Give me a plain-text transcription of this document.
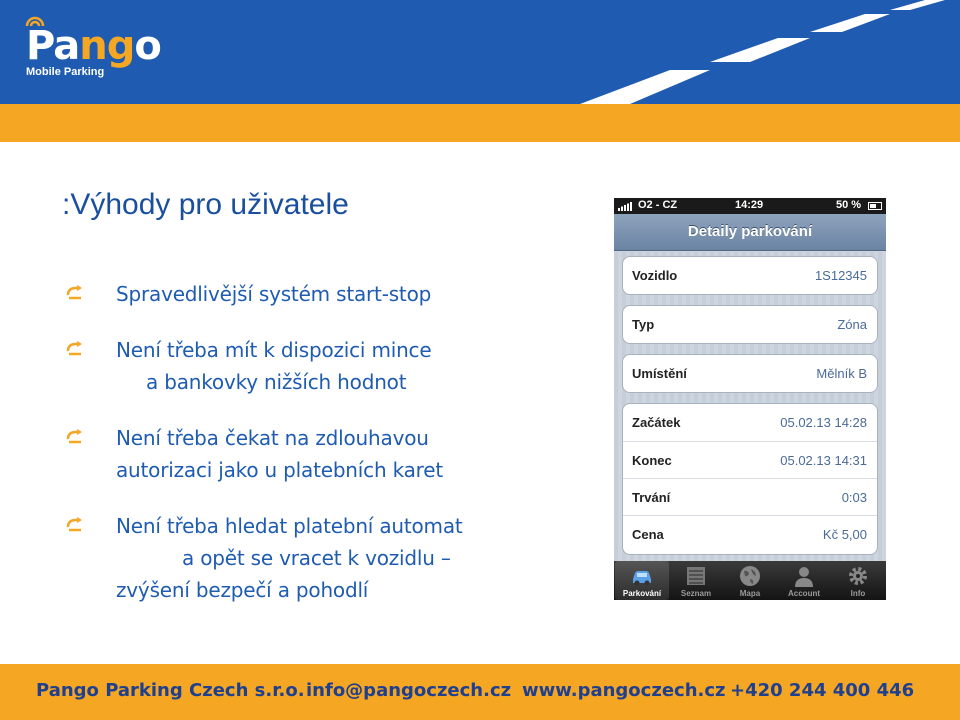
Pango
Mobile Parking
:Výhody pro uživatele
Spravedlivější systém start-stop
Není třeba mít k dispozici mince
a bankovky nižších hodnot
Není třeba čekat na zdlouhavou
autorizaci jako u platebních karet
Není třeba hledat platební automat
a opět se vracet k vozidlu –
zvýšení bezpečí a pohodlí
O2 - CZ	14:29	50 %
Detaily parkování
Vozidlo	1S12345
Typ	Zóna
Umístění	Mělník B
Začátek	05.02.13 14:28
Konec	05.02.13 14:31
Trvání	0:03
Cena	Kč 5,00
Parkování	Seznam	Mapa	Account	Info
Pango Parking Czech s.r.o. info@pangoczech.cz www.pangoczech.cz +420 244 400 446
